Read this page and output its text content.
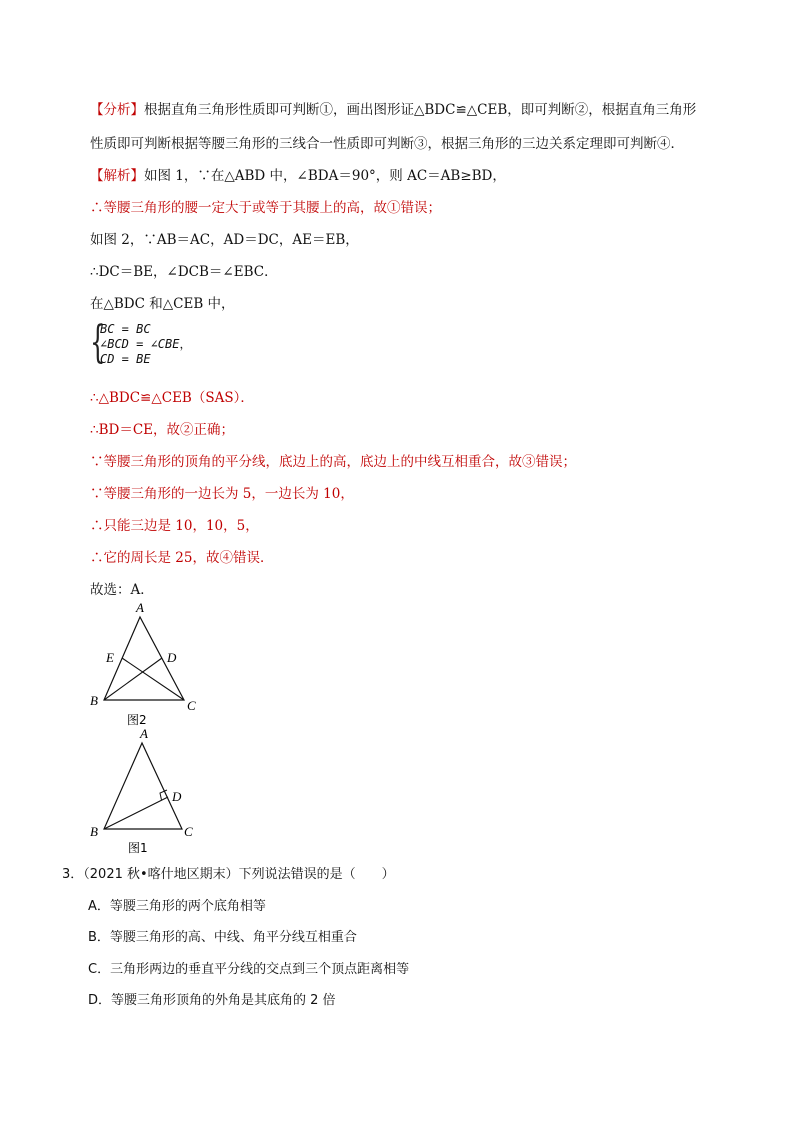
【分析】根据直角三角形性质即可判断①，画出图形证△BDC≌△CEB，即可判断②，根据直角三角形
性质即可判断根据等腰三角形的三线合一性质即可判断③，根据三角形的三边关系定理即可判断④．
【解析】如图 1，∵在△ABD 中，∠BDA＝90°，则 AC＝AB≥BD，
∴等腰三角形的腰一定大于或等于其腰上的高，故①错误；
如图 2，∵AB＝AC，AD＝DC，AE＝EB，
∴DC＝BE，∠DCB＝∠EBC．
在△BDC 和△CEB 中，
{
BC = BC
∠BCD = ∠CBE，
CD = BE
∴△BDC≌△CEB（SAS）．
∴BD＝CE，故②正确；
∵等腰三角形的顶角的平分线，底边上的高，底边上的中线互相重合，故③错误；
∵等腰三角形的一边长为 5，一边长为 10，
∴只能三边是 10，10，5，
∴它的周长是 25，故④错误．
故选：A．
A
E	D
B	C
图2
A
D
B	C
图1
3．（2021 秋•喀什地区期末）下列说法错误的是（　　）
A．等腰三角形的两个底角相等
B．等腰三角形的高、中线、角平分线互相重合
C．三角形两边的垂直平分线的交点到三个顶点距离相等
D．等腰三角形顶角的外角是其底角的 2 倍
